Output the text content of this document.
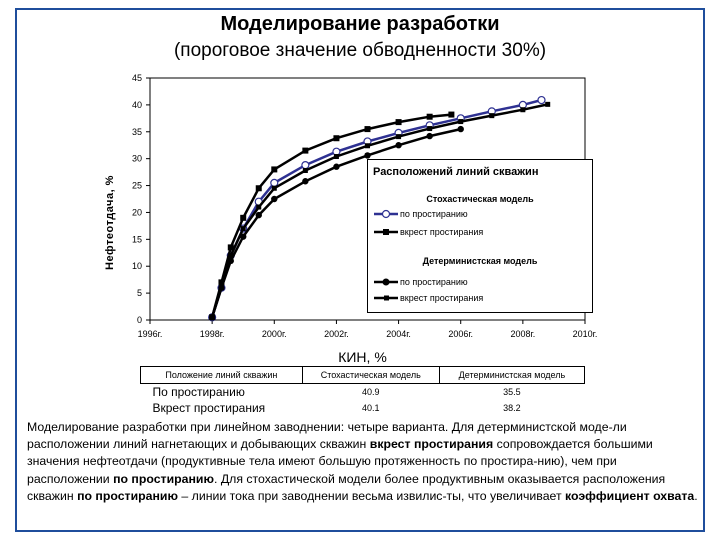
Моделирование разработки
(пороговое значение обводненности 30%)
Нефтеотдача, %
0
5
10
15
20
25
30
35
40
45
1996г.	1998г.	2000г.	2002г.	2004г.	2006г.	2008г.	2010г.
Расположений линий скважин
Стохастическая модель
по простиранию
вкрест простирания
Детерминистская модель
по простиранию
вкрест простирания
КИН, %
Положение линий скважин	Стохастическая модель	Детерминистская модель
По простиранию	40.9	35.5
Вкрест простирания	40.1	38.2
Моделирование разработки при линейном заводнении: четыре варианта. Для детерминистской моде-ли расположении линий нагнетающих и добывающих скважин вкрест простирания сопровождается большими значения нефтеотдачи (продуктивные тела имеют большую протяженность по простира-нию), чем при расположении по простиранию. Для стохастической модели более продуктивным оказывается расположения скважин по простиранию – линии тока при заводнении весьма извилис-ты, что увеличивает коэффициент охвата.
